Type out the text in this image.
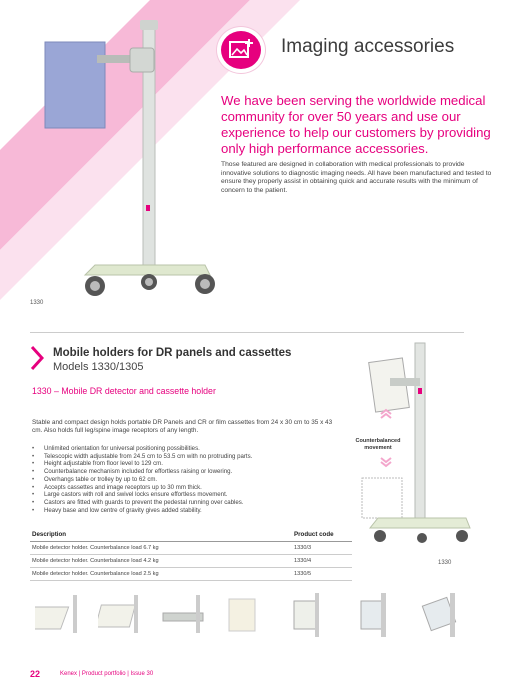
1330
Imaging accessories
We have been serving the worldwide medical community for over 50 years and use our experience to help our customers by providing only high performance accessories.
Those featured are designed in collaboration with medical professionals to provide innovative solutions to diagnostic imaging needs. All have been manufactured and tested to ensure they properly assist in obtaining quick and accurate results with the minimum of concern to the patient.
Mobile holders for DR panels and cassettes
Models 1330/1305
1330 – Mobile DR detector and cassette holder
Stable and compact design holds portable DR Panels and CR or film cassettes from 24 x 30 cm to 35 x 43 cm. Also holds full leg/spine image receptors of any length.
• Unlimited orientation for universal positioning possibilities.
• Telescopic width adjustable from 24.5 cm to 53.5 cm with no protruding parts.
• Height adjustable from floor level to 129 cm.
• Counterbalance mechanism included for effortless raising or lowering.
• Overhangs table or trolley by up to 62 cm.
• Accepts cassettes and image receptors up to 30 mm thick.
• Large castors with roll and swivel locks ensure effortless movement.
• Castors are fitted with guards to prevent the pedestal running over cables.
• Heavy base and low centre of gravity gives added stability.
Description	Product code
Mobile detector holder. Counterbalance load 6.7 kg	1330/3
Mobile detector holder. Counterbalance load 4.2 kg	1330/4
Mobile detector holder. Counterbalance load 2.5 kg	1330/5
Counterbalanced movement
1330
22	Kenex | Product portfolio | Issue 30
